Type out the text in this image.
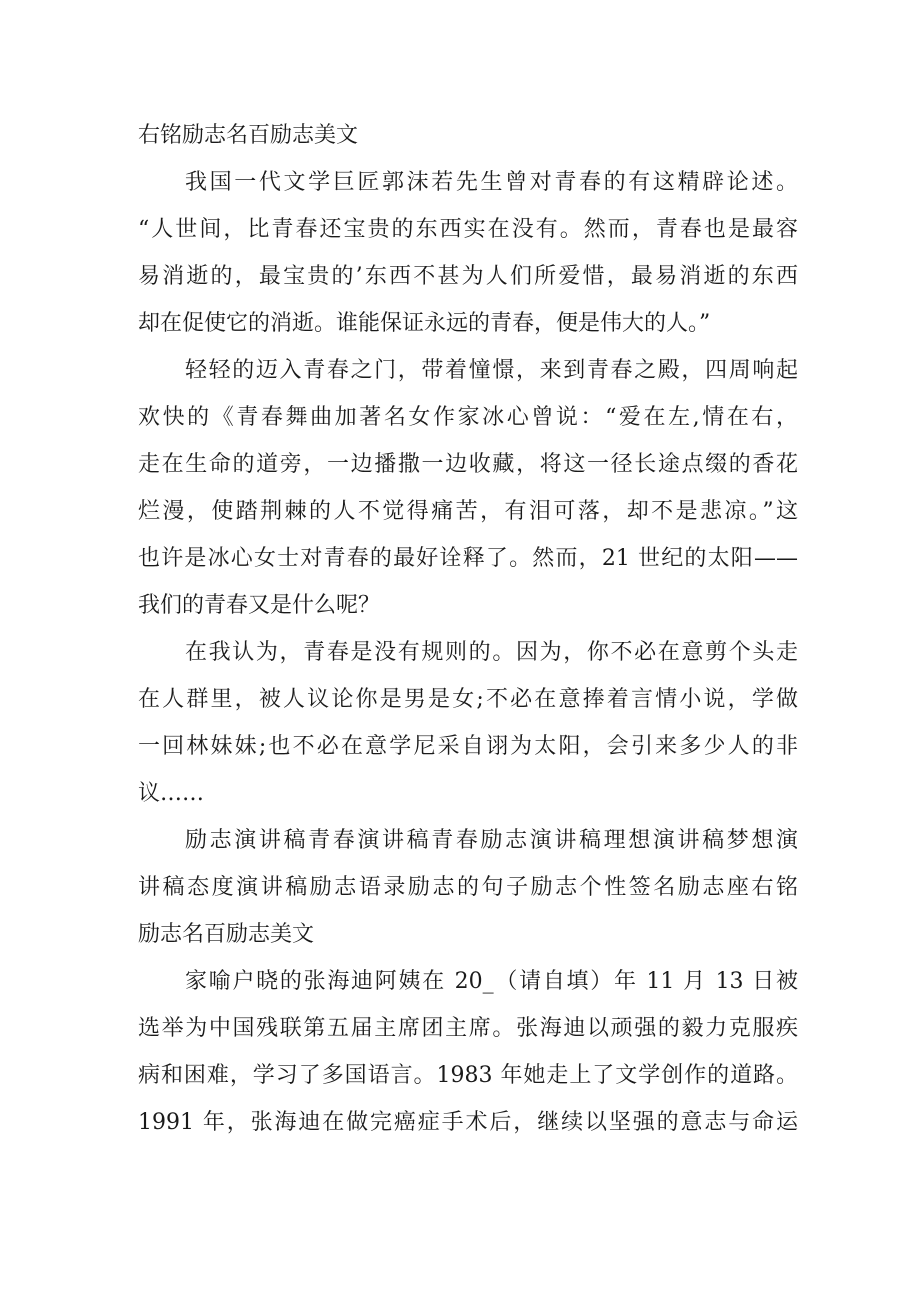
右铭励志名百励志美文
我国一代文学巨匠郭沫若先生曾对青春的有这精辟论述。
“人世间，比青春还宝贵的东西实在没有。然而，青春也是最容
易消逝的，最宝贵的’东西不甚为人们所爱惜，最易消逝的东西
却在促使它的消逝。谁能保证永远的青春，便是伟大的人。”
轻轻的迈入青春之门，带着憧憬，来到青春之殿，四周响起
欢快的《青春舞曲加著名女作家冰心曾说：“爱在左,情在右，
走在生命的道旁，一边播撒一边收藏，将这一径长途点缀的香花
烂漫，使踏荆棘的人不觉得痛苦，有泪可落，却不是悲凉。”这
也许是冰心女士对青春的最好诠释了。然而，21 世纪的太阳——
我们的青春又是什么呢？
在我认为，青春是没有规则的。因为，你不必在意剪个头走
在人群里，被人议论你是男是女;不必在意捧着言情小说，学做
一回林妹妹;也不必在意学尼采自诩为太阳，会引来多少人的非
议……
励志演讲稿青春演讲稿青春励志演讲稿理想演讲稿梦想演
讲稿态度演讲稿励志语录励志的句子励志个性签名励志座右铭
励志名百励志美文
家喻户晓的张海迪阿姨在 20_（请自填）年 11 月 13 日被
选举为中国残联第五届主席团主席。张海迪以顽强的毅力克服疾
病和困难，学习了多国语言。1983 年她走上了文学创作的道路。
1991 年，张海迪在做完癌症手术后，继续以坚强的意志与命运
